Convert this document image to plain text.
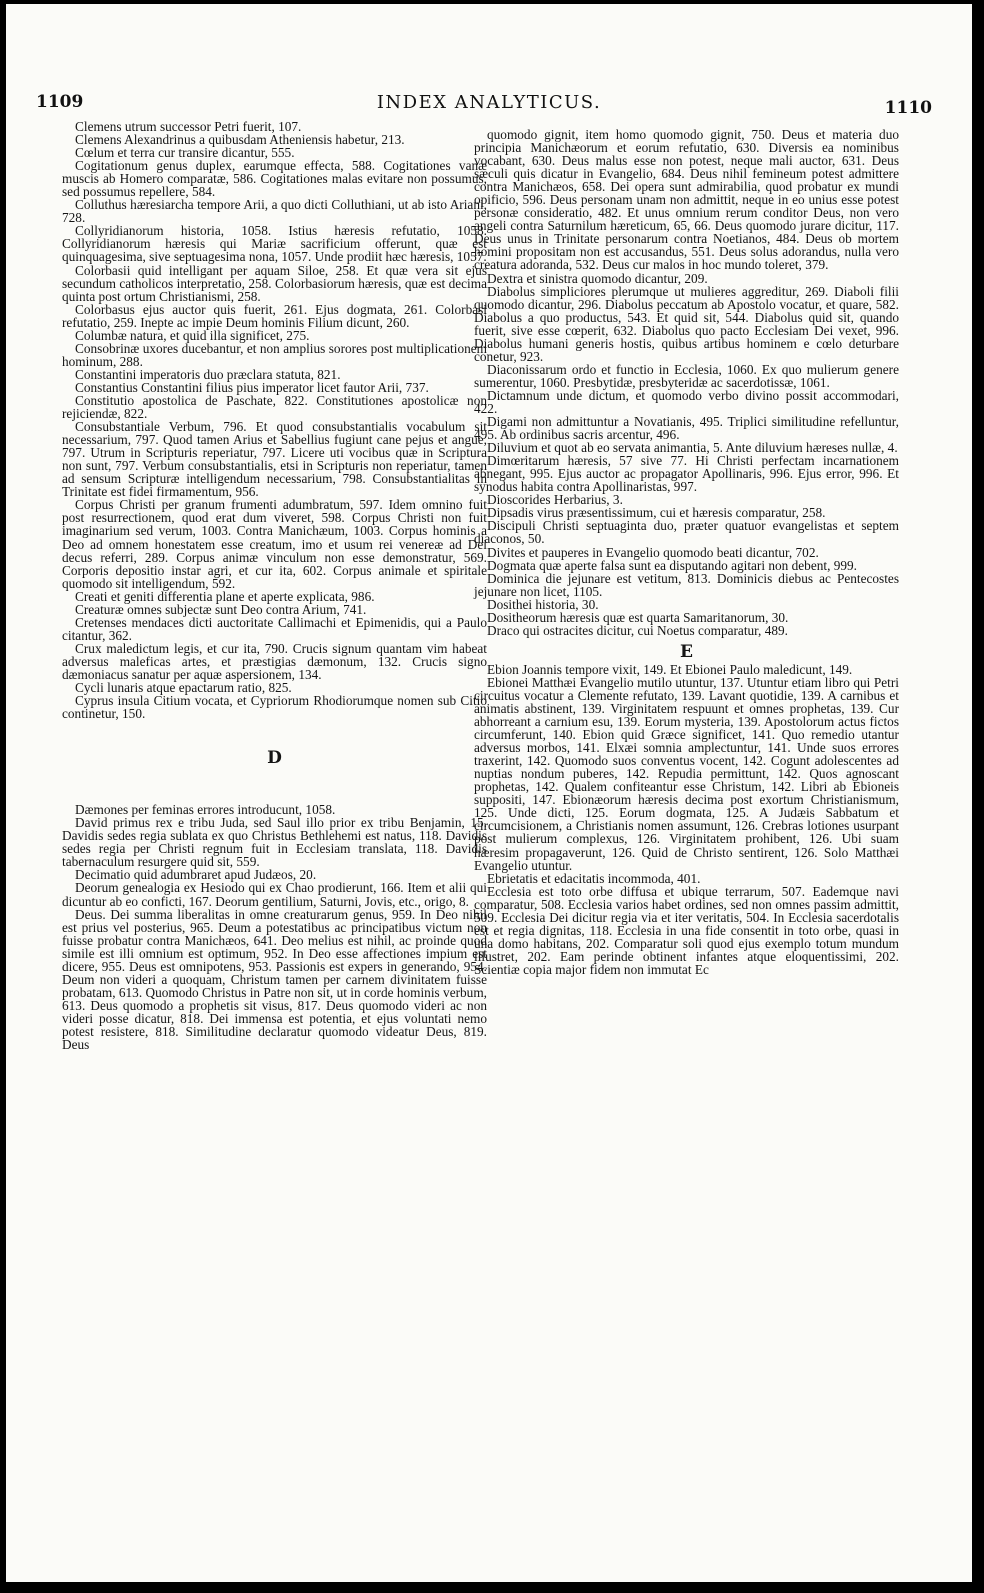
1109	INDEX ANALYTICUS.	1110

Clemens utrum successor Petri fuerit, 107.

Clemens Alexandrinus a quibusdam Atheniensis habetur, 213.

Cœlum et terra cur transire dicantur, 555.

Cogitationum genus duplex, earumque effecta, 588. Cogitationes vanæ muscis ab Homero comparatæ, 586. Cogitationes malas evitare non possumus, sed possumus repellere, 584.

Colluthus hæresiarcha tempore Arii, a quo dicti Colluthiani, ut ab isto Ariani, 728.

Collyridianorum historia, 1058. Istius hæresis refutatio, 1058. Collyridianorum hæresis qui Mariæ sacrificium offerunt, quæ est quinquagesima, sive septuagesima nona, 1057. Unde prodiit hæc hæresis, 1057.

Colorbasii quid intelligant per aquam Siloe, 258. Et quæ vera sit ejus secundum catholicos interpretatio, 258. Colorbasiorum hæresis, quæ est decima quinta post ortum Christianismi, 258.

Colorbasus ejus auctor quis fuerit, 261. Ejus dogmata, 261. Colorbasi refutatio, 259. Inepte ac impie Deum hominis Filium dicunt, 260.

Columbæ natura, et quid illa significet, 275.

Consobrinæ uxores ducebantur, et non amplius sorores post multiplicationem hominum, 288.

Constantini imperatoris duo præclara statuta, 821.

Constantius Constantini filius pius imperator licet fautor Arii, 737.

Constitutio apostolica de Paschate, 822. Constitutiones apostolicæ non rejiciendæ, 822.

Consubstantiale Verbum, 796. Et quod consubstantialis vocabulum sit necessarium, 797. Quod tamen Arius et Sabellius fugiunt cane pejus et angue, 797. Utrum in Scripturis reperiatur, 797. Licere uti vocibus quæ in Scriptura non sunt, 797. Verbum consubstantialis, etsi in Scripturis non reperiatur, tamen ad sensum Scripturæ intelligendum necessarium, 798. Consubstantialitas in Trinitate est fidei firmamentum, 956.

Corpus Christi per granum frumenti adumbratum, 597. Idem omnino fuit post resurrectionem, quod erat dum viveret, 598. Corpus Christi non fuit imaginarium sed verum, 1003. Contra Manichæum, 1003. Corpus hominis a Deo ad omnem honestatem esse creatum, imo et usum rei venereæ ad Dei decus referri, 289. Corpus animæ vinculum non esse demonstratur, 569. Corporis depositio instar agri, et cur ita, 602. Corpus animale et spiritale quomodo sit intelligendum, 592.

Creati et geniti differentia plane et aperte explicata, 986.

Creaturæ omnes subjectæ sunt Deo contra Arium, 741.

Cretenses mendaces dicti auctoritate Callimachi et Epimenidis, qui a Paulo citantur, 362.

Crux maledictum legis, et cur ita, 790. Crucis signum quantam vim habeat adversus maleficas artes, et præstigias dæmonum, 132. Crucis signo dæmoniacus sanatur per aquæ aspersionem, 134.

Cycli lunaris atque epactarum ratio, 825.

Cyprus insula Citium vocata, et Cypriorum Rhodiorumque nomen sub Citio continetur, 150.

D

Dæmones per feminas errores introducunt, 1058.

David primus rex e tribu Juda, sed Saul illo prior ex tribu Benjamin, 15. Davidis sedes regia sublata ex quo Christus Bethlehemi est natus, 118. Davidis sedes regia per Christi regnum fuit in Ecclesiam translata, 118. Davidis tabernaculum resurgere quid sit, 559.

Decimatio quid adumbraret apud Judæos, 20.

Deorum genealogia ex Hesiodo qui ex Chao prodierunt, 166. Item et alii qui dicuntur ab eo conficti, 167. Deorum gentilium, Saturni, Jovis, etc., origo, 8.

Deus. Dei summa liberalitas in omne creaturarum genus, 959. In Deo nihil est prius vel posterius, 965. Deum a potestatibus ac principatibus victum non fuisse probatur contra Manichæos, 641. Deo melius est nihil, ac proinde quod simile est illi omnium est optimum, 952. In Deo esse affectiones impium est dicere, 955. Deus est omnipotens, 953. Passionis est expers in generando, 954. Deum non videri a quoquam, Christum tamen per carnem divinitatem fuisse probatam, 613. Quomodo Christus in Patre non sit, ut in corde hominis verbum, 613. Deus quomodo a prophetis sit visus, 817. Deus quomodo videri ac non videri posse dicatur, 818. Dei immensa est potentia, et ejus voluntati nemo potest resistere, 818. Similitudine declaratur quomodo videatur Deus, 819. Deus

quomodo gignit, item homo quomodo gignit, 750. Deus et materia duo principia Manichæorum et eorum refutatio, 630. Diversis ea nominibus vocabant, 630. Deus malus esse non potest, neque mali auctor, 631. Deus sæculi quis dicatur in Evangelio, 684. Deus nihil femineum potest admittere contra Manichæos, 658. Dei opera sunt admirabilia, quod probatur ex mundi opificio, 596. Deus personam unam non admittit, neque in eo unius esse potest personæ consideratio, 482. Et unus omnium rerum conditor Deus, non vero angeli contra Saturnilum hæreticum, 65, 66. Deus quomodo jurare dicitur, 117. Deus unus in Trinitate personarum contra Noetianos, 484. Deus ob mortem homini propositam non est accusandus, 551. Deus solus adorandus, nulla vero creatura adoranda, 532. Deus cur malos in hoc mundo toleret, 379.

Dextra et sinistra quomodo dicantur, 209.

Diabolus simpliciores plerumque ut mulieres aggreditur, 269. Diaboli filii quomodo dicantur, 296. Diabolus peccatum ab Apostolo vocatur, et quare, 582. Diabolus a quo productus, 543. Et quid sit, 544. Diabolus quid sit, quando fuerit, sive esse cœperit, 632. Diabolus quo pacto Ecclesiam Dei vexet, 996. Diabolus humani generis hostis, quibus artibus hominem e cœlo deturbare conetur, 923.

Diaconissarum ordo et functio in Ecclesia, 1060. Ex quo mulierum genere sumerentur, 1060. Presbytidæ, presbyteridæ ac sacerdotissæ, 1061.

Dictamnum unde dictum, et quomodo verbo divino possit accommodari, 422.

Digami non admittuntur a Novatianis, 495. Triplici similitudine refelluntur, 495. Ab ordinibus sacris arcentur, 496.

Diluvium et quot ab eo servata animantia, 5. Ante diluvium hæreses nullæ, 4.

Dimœritarum hæresis, 57 sive 77. Hi Christi perfectam incarnationem abnegant, 995. Ejus auctor ac propagator Apollinaris, 996. Ejus error, 996. Et synodus habita contra Apollinaristas, 997.

Dioscorides Herbarius, 3.

Dipsadis virus præsentissimum, cui et hæresis comparatur, 258.

Discipuli Christi septuaginta duo, præter quatuor evangelistas et septem diaconos, 50.

Divites et pauperes in Evangelio quomodo beati dicantur, 702.

Dogmata quæ aperte falsa sunt ea disputando agitari non debent, 999.

Dominica die jejunare est vetitum, 813. Dominicis diebus ac Pentecostes jejunare non licet, 1105.

Dosithei historia, 30.

Dositheorum hæresis quæ est quarta Samaritanorum, 30.

Draco qui ostracites dicitur, cui Noetus comparatur, 489.

E

Ebion Joannis tempore vixit, 149. Et Ebionei Paulo maledicunt, 149.

Ebionei Matthæi Evangelio mutilo utuntur, 137. Utuntur etiam libro qui Petri circuitus vocatur a Clemente refutato, 139. Lavant quotidie, 139. A carnibus et animatis abstinent, 139. Virginitatem respuunt et omnes prophetas, 139. Cur abhorreant a carnium esu, 139. Eorum mysteria, 139. Apostolorum actus fictos circumferunt, 140. Ebion quid Græce significet, 141. Quo remedio utantur adversus morbos, 141. Elxæi somnia amplectuntur, 141. Unde suos errores traxerint, 142. Quomodo suos conventus vocent, 142. Cogunt adolescentes ad nuptias nondum puberes, 142. Repudia permittunt, 142. Quos agnoscant prophetas, 142. Qualem confiteantur esse Christum, 142. Libri ab Ebioneis suppositi, 147. Ebionæorum hæresis decima post exortum Christianismum, 125. Unde dicti, 125. Eorum dogmata, 125. A Judæis Sabbatum et circumcisionem, a Christianis nomen assumunt, 126. Crebras lotiones usurpant post mulierum complexus, 126. Virginitatem prohibent, 126. Ubi suam hæresim propagaverunt, 126. Quid de Christo sentirent, 126. Solo Matthæi Evangelio utuntur.

Ebrietatis et edacitatis incommoda, 401.

Ecclesia est toto orbe diffusa et ubique terrarum, 507. Eademque navi comparatur, 508. Ecclesia varios habet ordines, sed non omnes passim admittit, 509. Ecclesia Dei dicitur regia via et iter veritatis, 504. In Ecclesia sacerdotalis est et regia dignitas, 118. Ecclesia in una fide consentit in toto orbe, quasi in una domo habitans, 202. Comparatur soli quod ejus exemplo totum mundum illustret, 202. Eam perinde obtinent infantes atque eloquentissimi, 202. Scientiæ copia major fidem non immutat Ec
